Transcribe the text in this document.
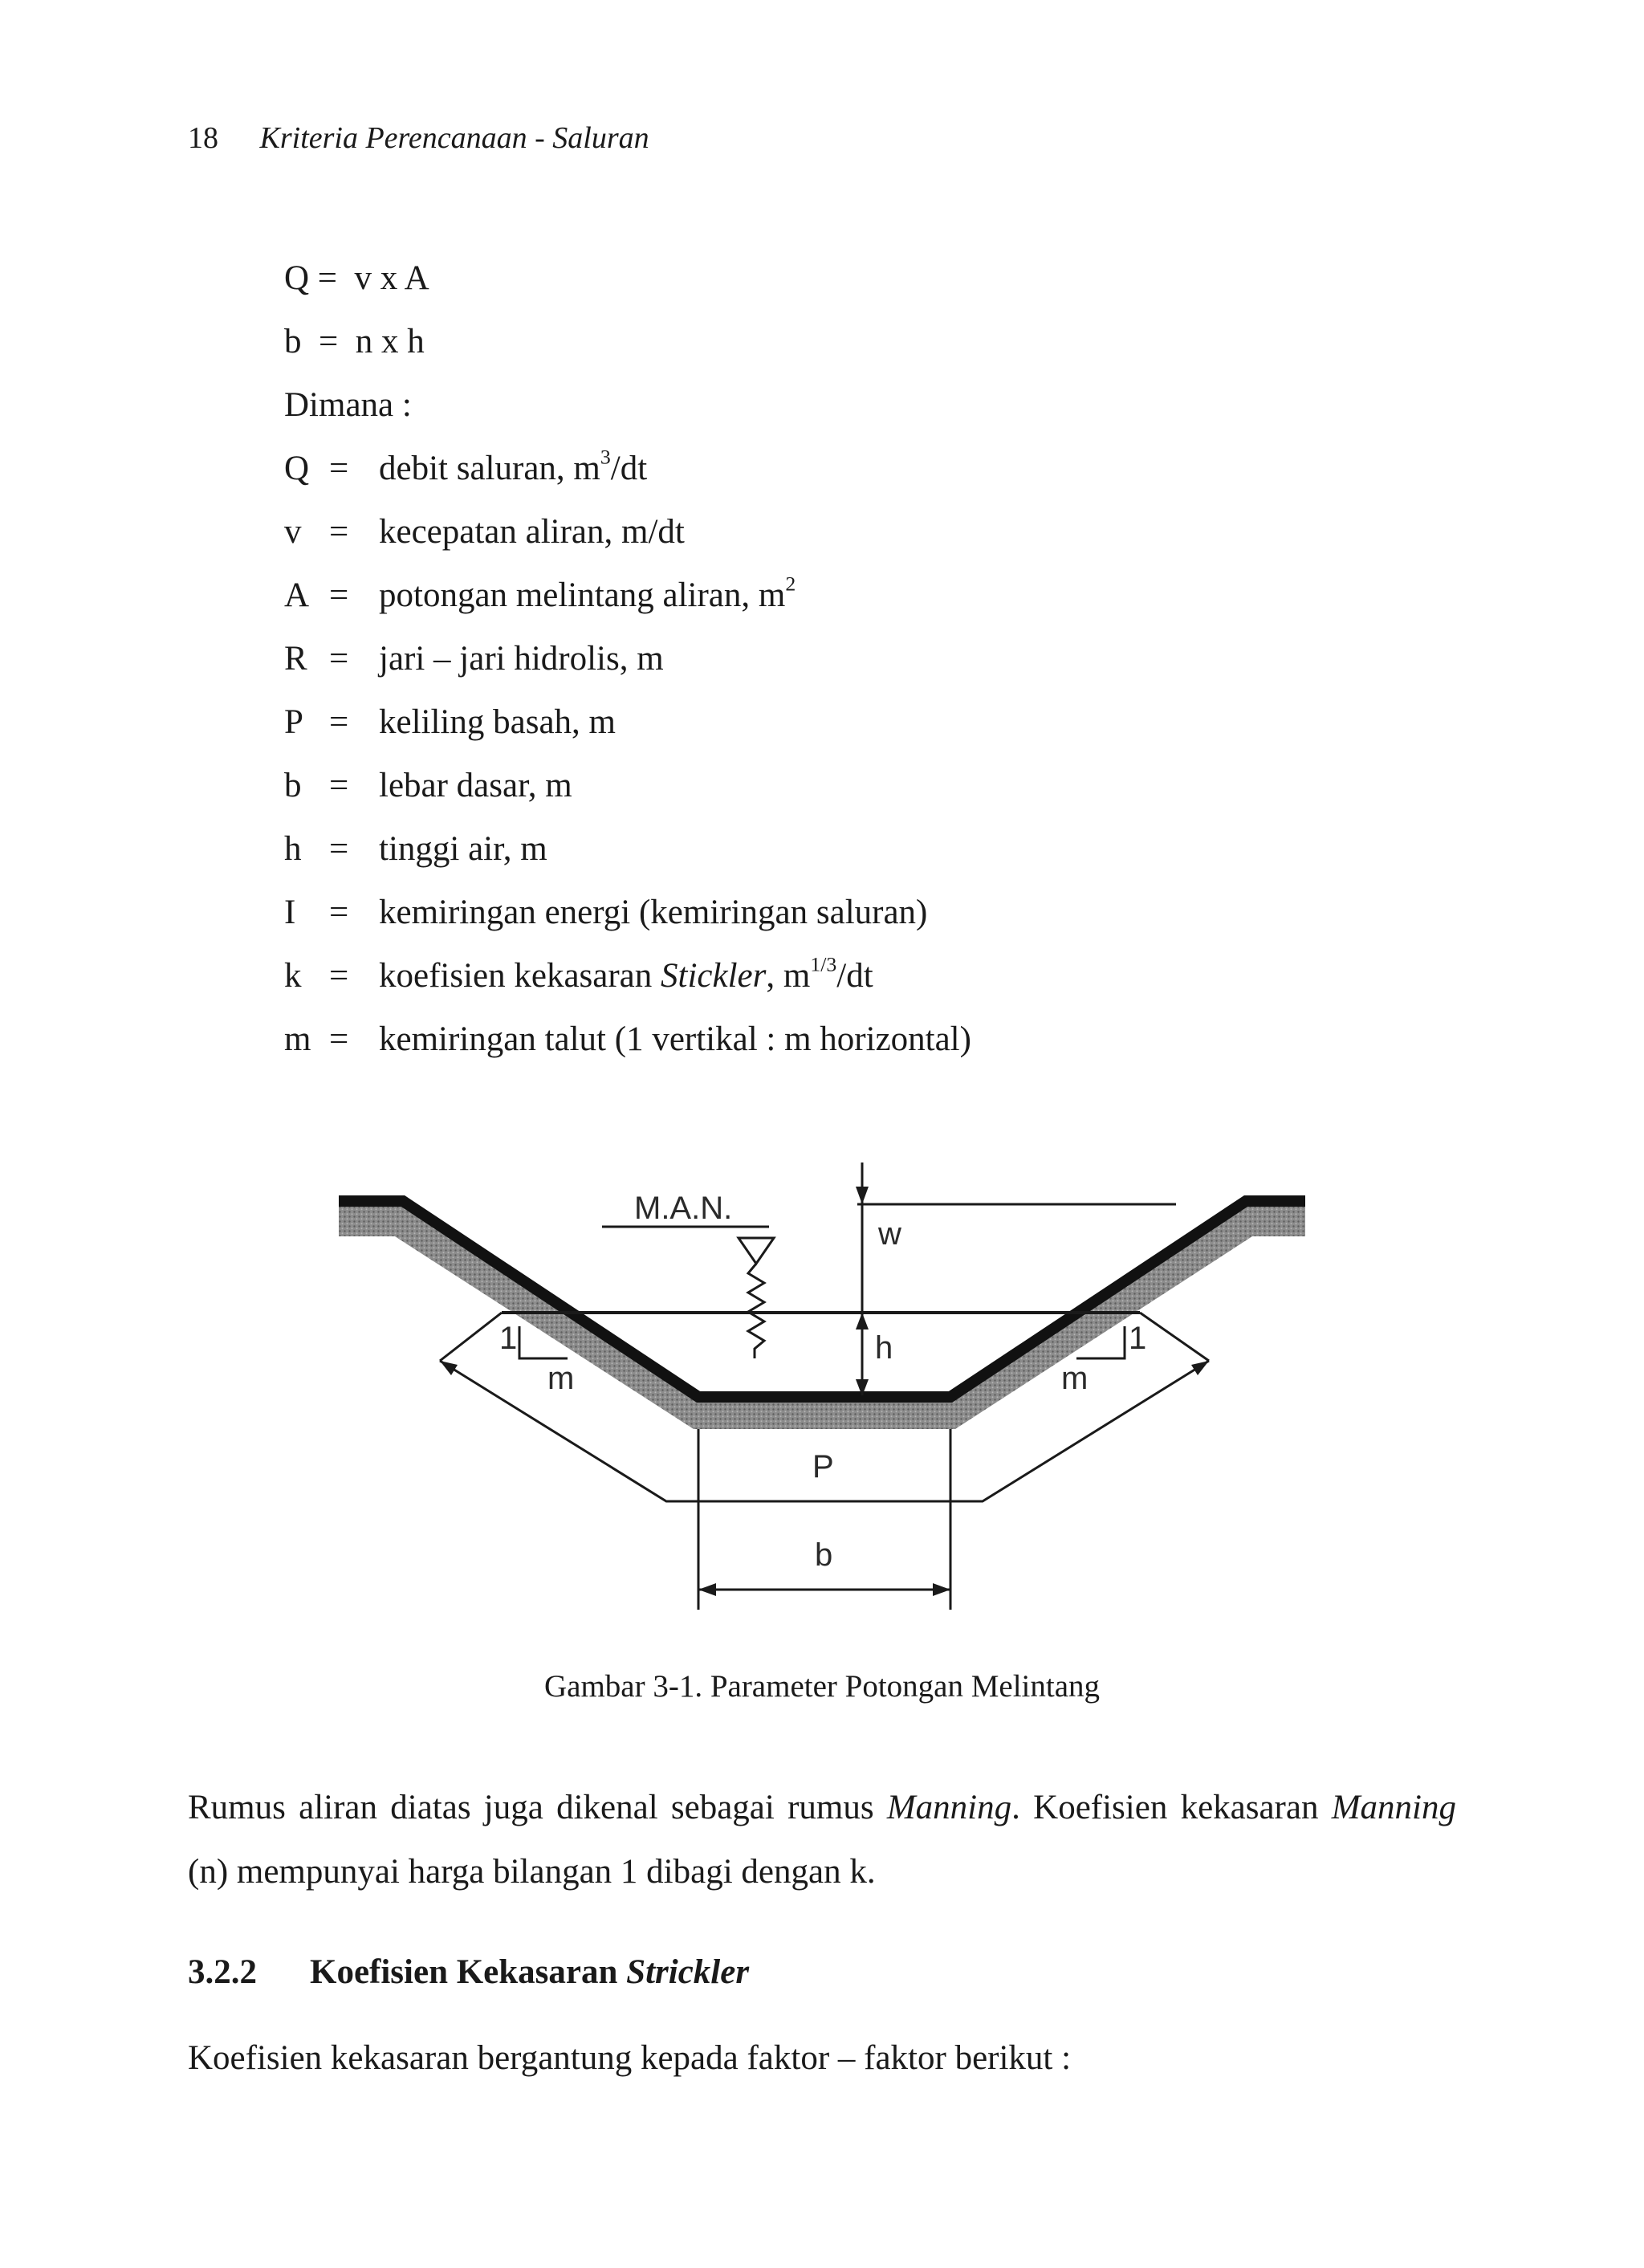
18 Kriteria Perencanaan - Saluran
Q =  v x A
b  =  n x h
Dimana :
Q = debit saluran, $m^3/dt$
v = kecepatan aliran, m/dt
A = potongan melintang aliran, $m^2$
R = jari – jari hidrolis, m
P = keliling basah, m
b = lebar dasar, m
h = tinggi air, m
I = kemiringan energi (kemiringan saluran)
k = koefisien kekasaran Stickler, $m^{1/3}/dt$
m = kemiringan talut (1 vertikal : m horizontal)
M.A.N.
w
h
1	1
m	m
P
b
Gambar 3-1. Parameter Potongan Melintang
Rumus aliran diatas juga dikenal sebagai rumus Manning. Koefisien kekasaran Manning (n) mempunyai harga bilangan 1 dibagi dengan k.
3.2.2 Koefisien Kekasaran Strickler
Koefisien kekasaran bergantung kepada faktor – faktor berikut :
